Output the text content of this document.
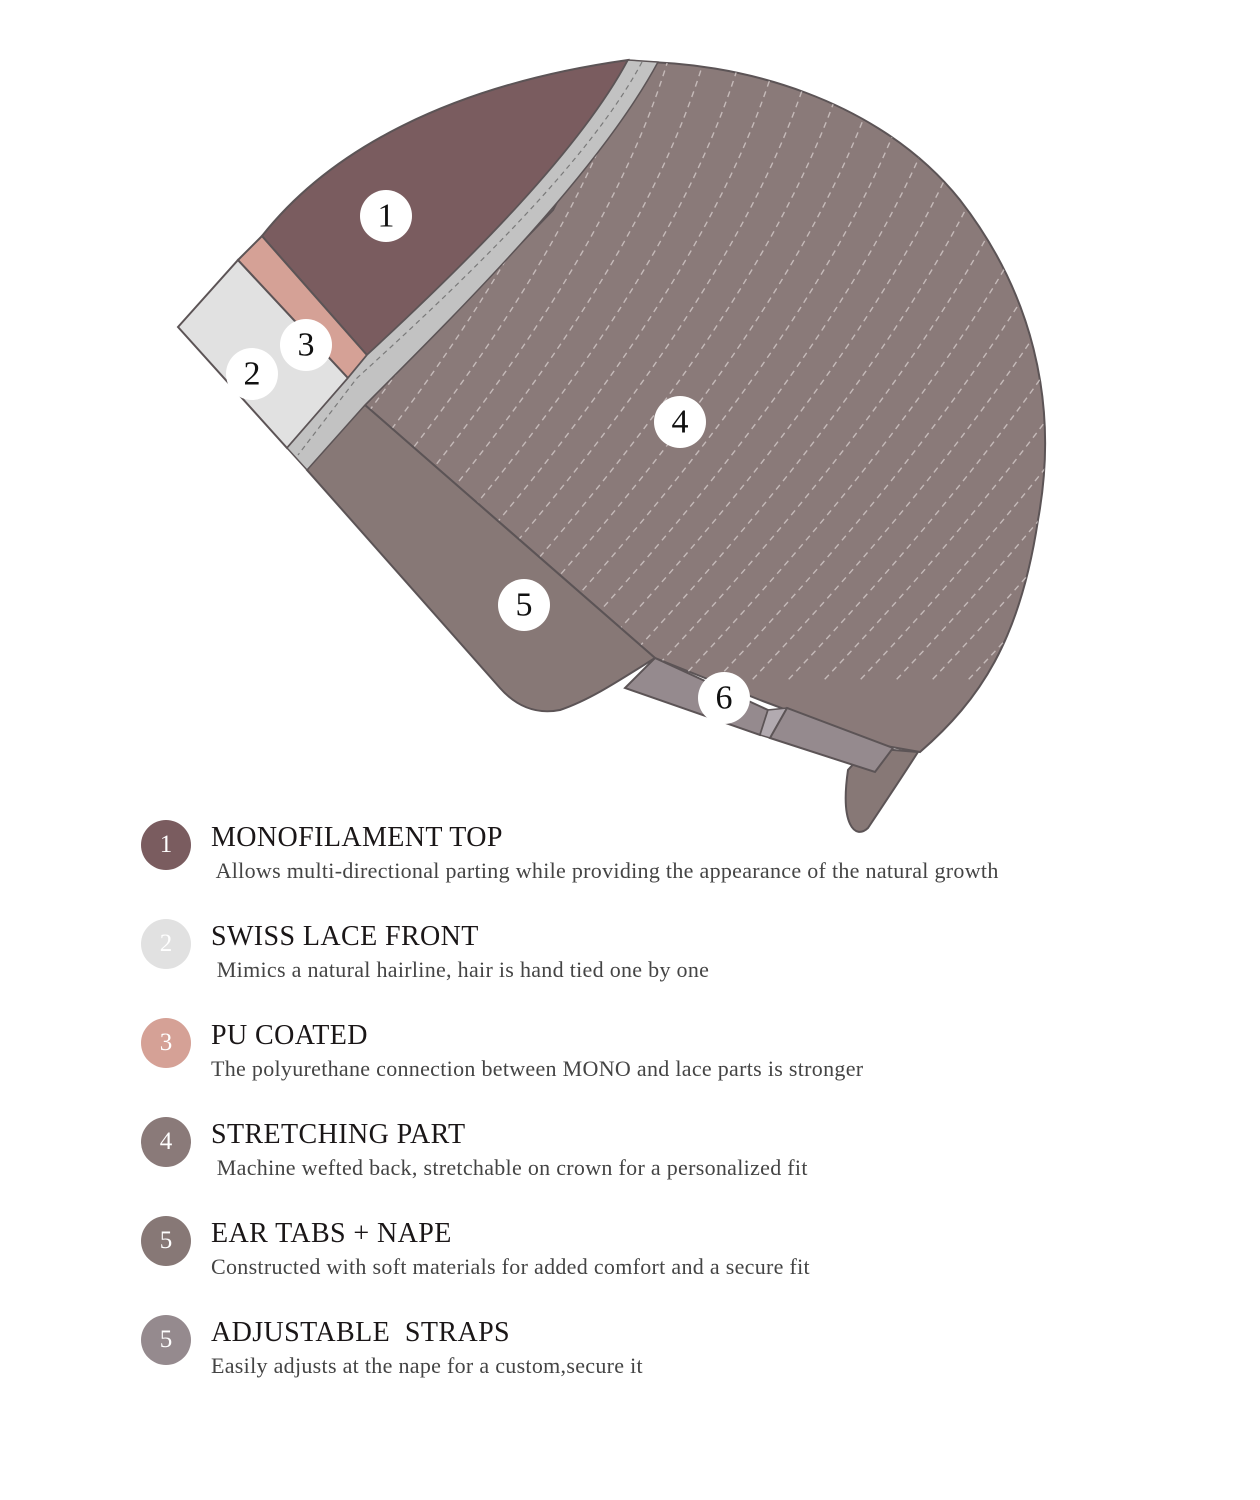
1
3
2
4
5
6
1	MONOFILAMENT TOP
Allows multi-directional parting while providing the appearance of the natural growth
2	SWISS LACE FRONT
Mimics a natural hairline, hair is hand tied one by one
3	PU COATED
The polyurethane connection between MONO and lace parts is stronger
4	STRETCHING PART
Machine wefted back, stretchable on crown for a personalized fit
5	EAR TABS + NAPE
Constructed with soft materials for added comfort and a secure fit
5	ADJUSTABLE  STRAPS
Easily adjusts at the nape for a custom,secure it
